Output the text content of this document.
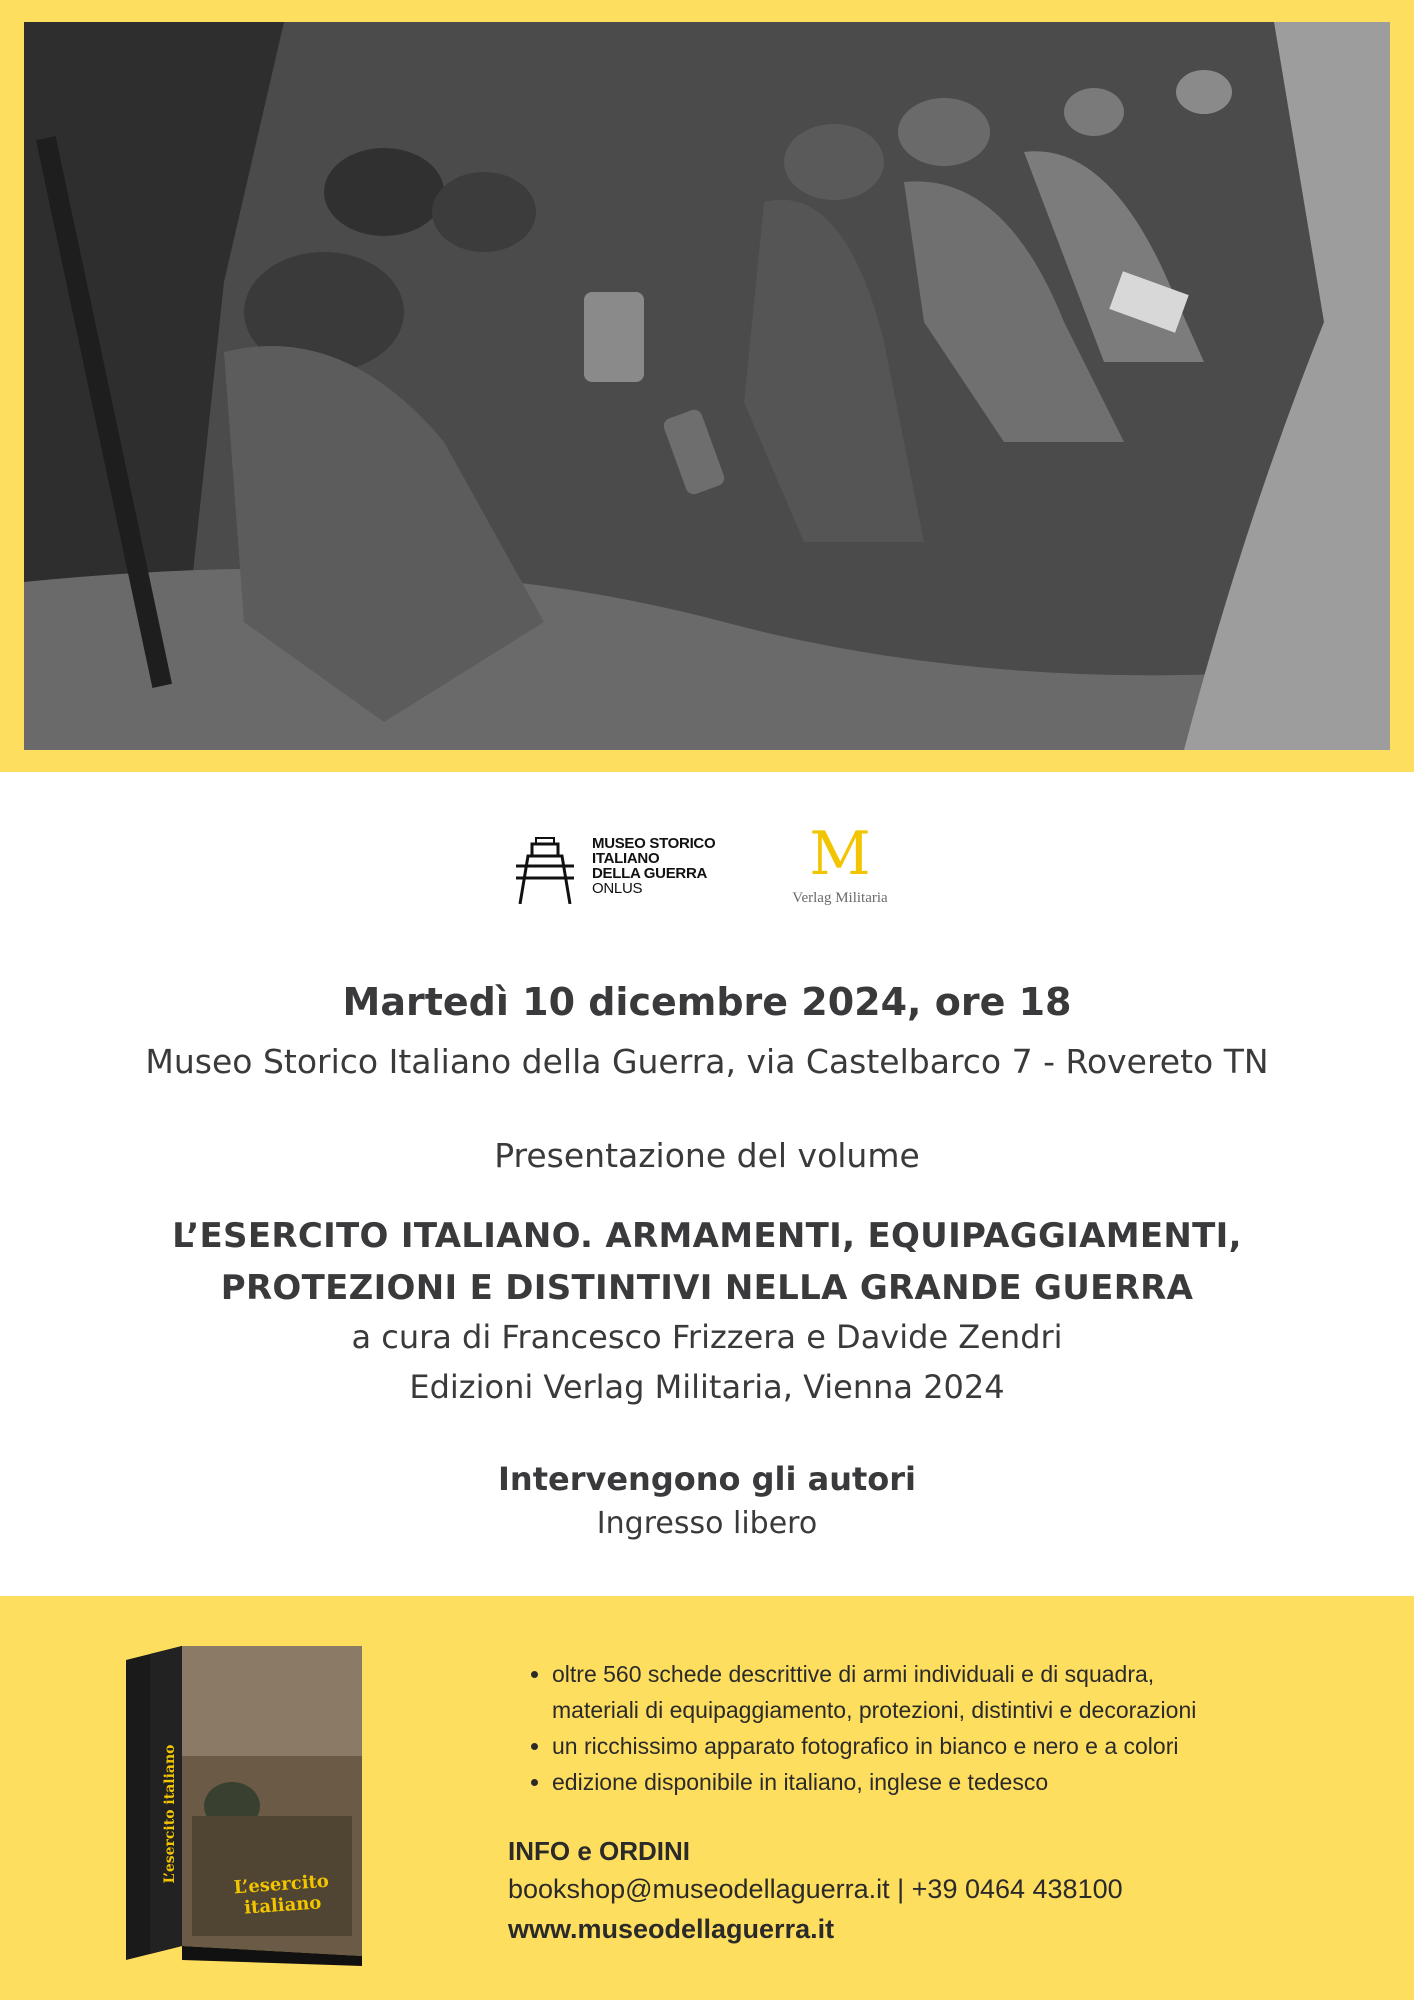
MUSEO STORICO
ITALIANO
DELLA GUERRA
ONLUS	M
Verlag Militaria
Martedì 10 dicembre 2024, ore 18
Museo Storico Italiano della Guerra, via Castelbarco 7 - Rovereto TN
Presentazione del volume
L’ESERCITO ITALIANO. ARMAMENTI, EQUIPAGGIAMENTI,
PROTEZIONI E DISTINTIVI NELLA GRANDE GUERRA
a cura di Francesco Frizzera e Davide Zendri
Edizioni Verlag Militaria, Vienna 2024
Intervengono gli autori
Ingresso libero
L’esercito italiano
L’esercito italiano
• oltre 560 schede descrittive di armi individuali e di squadra,
materiali di equipaggiamento, protezioni, distintivi e decorazioni
• un ricchissimo apparato fotografico in bianco e nero e a colori
• edizione disponibile in italiano, inglese e tedesco
INFO e ORDINI
bookshop@museodellaguerra.it | +39 0464 438100
www.museodellaguerra.it
